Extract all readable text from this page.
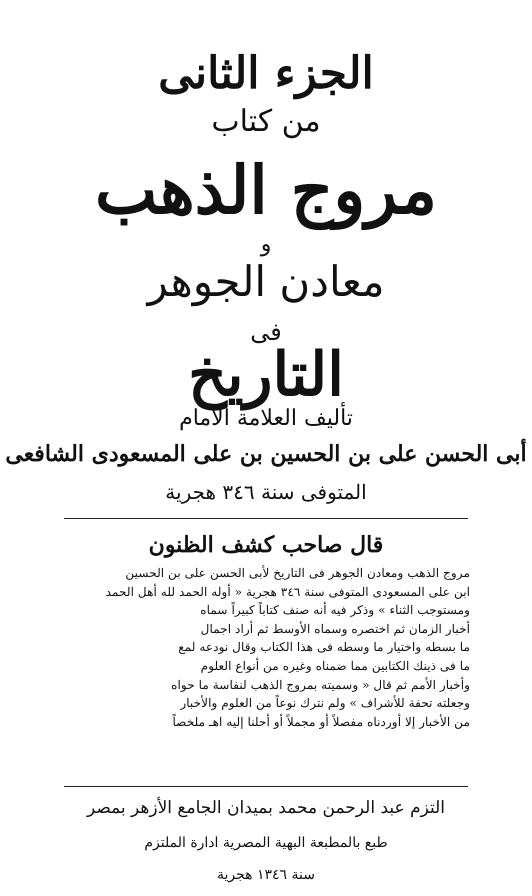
الجزء الثانى
من كتاب
مروج الذهب
و
معادن الجوهر
فى
التاريخ
تأليف العلامة الامام
أبى الحسن على بن الحسين بن على المسعودى الشافعى
المتوفى سنة ٣٤٦ هجرية
قال صاحب كشف الظنون
مروج الذهب ومعادن الجوهر فى التاريخ لأبى الحسن على بن الحسين
ابن على المسعودى المتوفى سنة ٣٤٦ هجرية « أوله الحمد لله أهل الحمد
ومستوجب الثناء » وذكر فيه أنه صنف كتاباً كبيراً سماه
أخبار الزمان ثم اختصره وسماه الأوسط ثم أراد اجمال
ما بسطه واختيار ما وسطه فى هذا الكتاب وقال نودعه لمع
ما فى ذينك الكتابين مما ضمناه وغيره من أنواع العلوم
وأخبار الأمم ثم قال « وسميته بمروج الذهب لنفاسة ما حواه
وجعلته تحفة للأشراف » ولم نترك نوعاً من العلوم والأخبار
من الأخبار إلا أوردناه مفصلاً أو مجملاً أو أحلنا إليه اهـ ملخصاً
التزم عبد الرحمن محمد بميدان الجامع الأزهر بمصر
طبع بالمطبعة البهية المصرية ادارة الملتزم
سنة ١٣٤٦ هجرية
